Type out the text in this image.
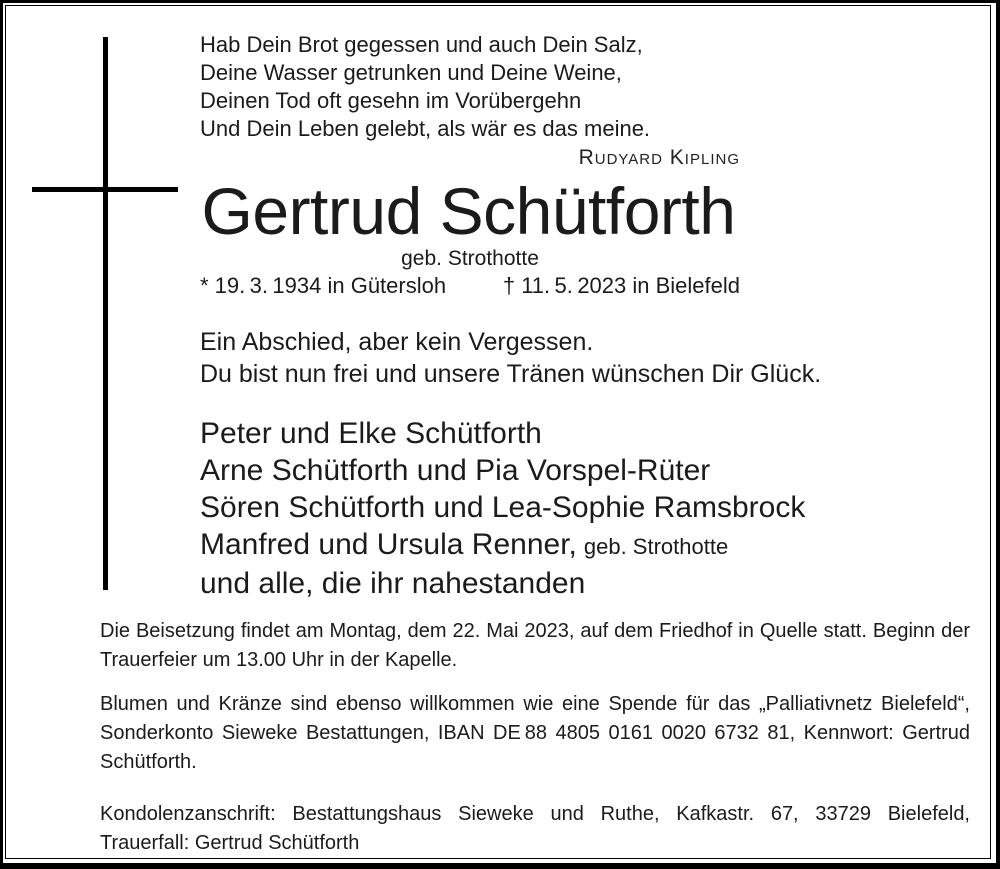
Hab Dein Brot gegessen und auch Dein Salz,
Deine Wasser getrunken und Deine Weine,
Deinen Tod oft gesehn im Vorübergehn
Und Dein Leben gelebt, als wär es das meine.
Rudyard Kipling
Gertrud Schütforth
geb. Strothotte
* 19. 3. 1934 in Gütersloh	† 11. 5. 2023 in Bielefeld
Ein Abschied, aber kein Vergessen.
Du bist nun frei und unsere Tränen wünschen Dir Glück.
Peter und Elke Schütforth
Arne Schütforth und Pia Vorspel-Rüter
Sören Schütforth und Lea-Sophie Ramsbrock
Manfred und Ursula Renner, geb. Strothotte
und alle, die ihr nahestanden

Die Beisetzung findet am Montag, dem 22. Mai 2023, auf dem Friedhof in Quelle statt. Beginn der Trauerfeier um 13.00 Uhr in der Kapelle.

Blumen und Kränze sind ebenso willkommen wie eine Spende für das „Palliativnetz Bielefeld“, Sonderkonto Sieweke Bestattungen, IBAN DE 88 4805 0161 0020 6732 81, Kennwort: Gertrud Schütforth.

Kondolenzanschrift: Bestattungshaus Sieweke und Ruthe, Kafkastr. 67, 33729 Bielefeld, Trauerfall: Gertrud Schütforth
